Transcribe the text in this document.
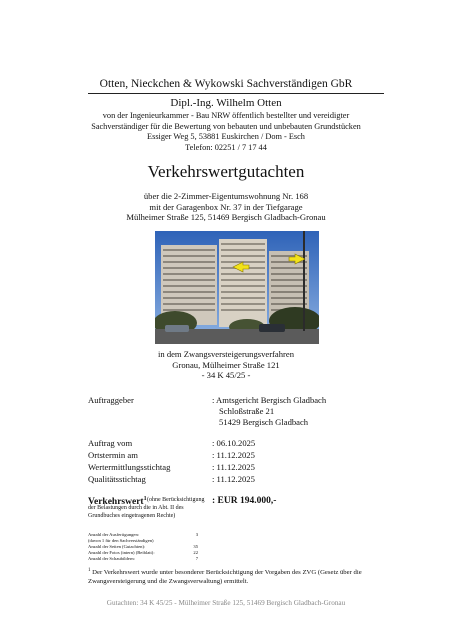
Otten, Nieckchen & Wykowski Sachverständigen GbR
Dipl.-Ing. Wilhelm Otten
von der Ingenieurkammer - Bau NRW öffentlich bestellter und vereidigter
Sachverständiger für die Bewertung von bebauten und unbebauten Grundstücken
Essiger Weg 5, 53881 Euskirchen / Dom - Esch
Telefon: 02251 / 7 17 44
Verkehrswertgutachten
über die 2-Zimmer-Eigentumswohnung Nr. 168
mit der Garagenbox Nr. 37 in der Tiefgarage
Mülheimer Straße 125, 51469 Bergisch Gladbach-Gronau
in dem Zwangsversteigerungsverfahren
Gronau, Mülheimer Straße 121
- 34 K 45/25 -
Auftraggeber	: Amtsgericht Bergisch Gladbach
Schloßstraße 21
51429 Bergisch Gladbach
Auftrag vom	: 06.10.2025
Ortstermin am	: 11.12.2025
Wertermittlungsstichtag	: 11.12.2025
Qualitätsstichtag	: 11.12.2025
Verkehrswert$^1$ (ohne Berücksichtigung der Belastungen durch die in Abt. II des Grundbuches eingetragenen Rechte)
: EUR 194.000,-
Anzahl der Ausfertigungen:	3
(davon 1 für den Sachverständigen)
Anzahl der Seiten (Gutachten):	35
Anzahl der Fotos (intern) (Beiblatt):	22
Anzahl der Schaubildern:	7
$^1$ Der Verkehrswert wurde unter besonderer Berücksichtigung der Vorgaben des ZVG (Gesetz über die Zwangsversteigerung und die Zwangsverwaltung) ermittelt.
Gutachten: 34 K 45/25 - Mülheimer Straße 125, 51469 Bergisch Gladbach-Gronau
